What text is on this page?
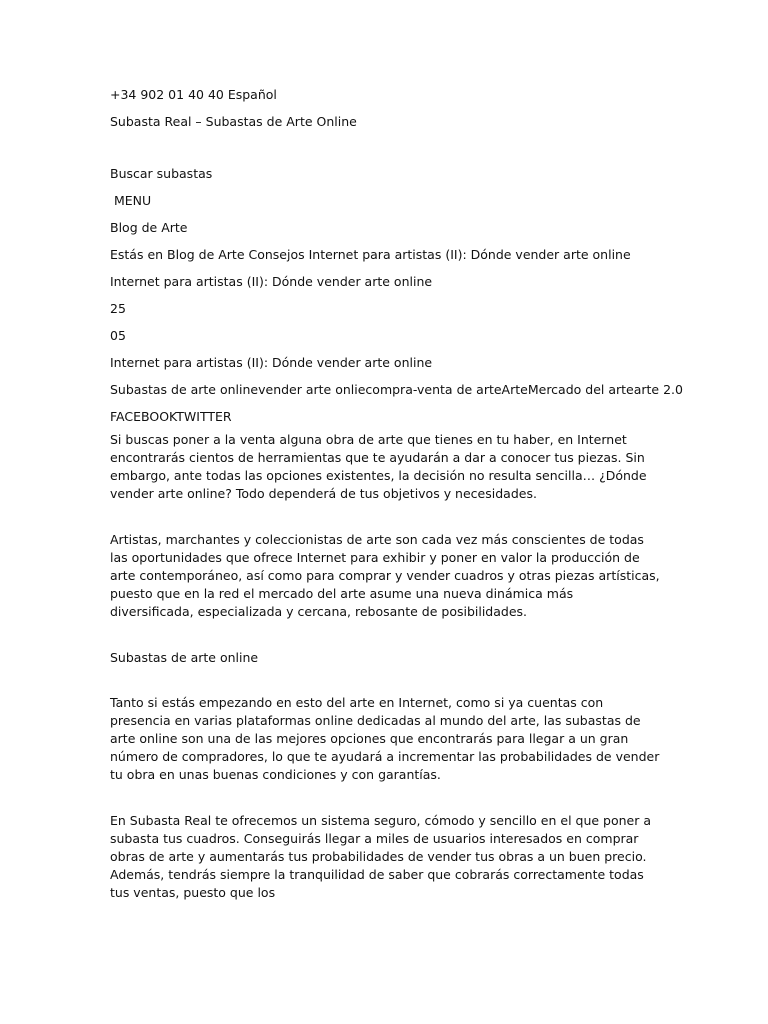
+34 902 01 40 40 Español

Subasta Real – Subastas de Arte Online

Buscar subastas

MENU

Blog de Arte

Estás en Blog de Arte Consejos Internet para artistas (II): Dónde vender arte online

Internet para artistas (II): Dónde vender arte online

25

05

Internet para artistas (II): Dónde vender arte online

Subastas de arte onlinevender arte onliecompra-venta de arteArteMercado del artearte 2.0

FACEBOOKTWITTER

Si buscas poner a la venta alguna obra de arte que tienes en tu haber, en Internet encontrarás cientos de herramientas que te ayudarán a dar a conocer tus piezas. Sin embargo, ante todas las opciones existentes, la decisión no resulta sencilla… ¿Dónde vender arte online? Todo dependerá de tus objetivos y necesidades.

Artistas, marchantes y coleccionistas de arte son cada vez más conscientes de todas las oportunidades que ofrece Internet para exhibir y poner en valor la producción de arte contemporáneo, así como para comprar y vender cuadros y otras piezas artísticas, puesto que en la red el mercado del arte asume una nueva dinámica más diversificada, especializada y cercana, rebosante de posibilidades.

Subastas de arte online

Tanto si estás empezando en esto del arte en Internet, como si ya cuentas con presencia en varias plataformas online dedicadas al mundo del arte, las subastas de arte online son una de las mejores opciones que encontrarás para llegar a un gran número de compradores, lo que te ayudará a incrementar las probabilidades de vender tu obra en unas buenas condiciones y con garantías.

En Subasta Real te ofrecemos un sistema seguro, cómodo y sencillo en el que poner a subasta tus cuadros. Conseguirás llegar a miles de usuarios interesados en comprar obras de arte y aumentarás tus probabilidades de vender tus obras a un buen precio. Además, tendrás siempre la tranquilidad de saber que cobrarás correctamente todas tus ventas, puesto que los
